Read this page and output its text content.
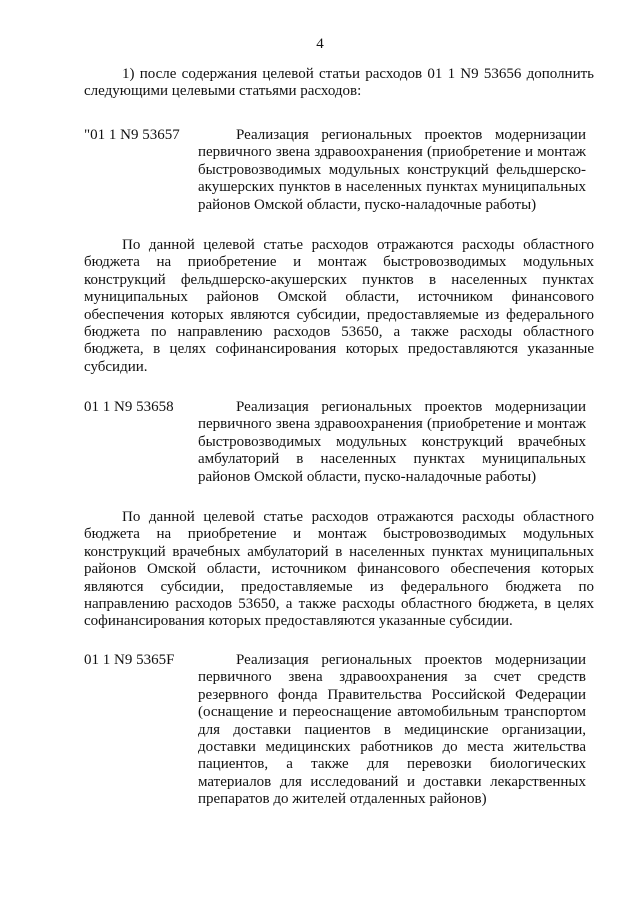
4
1) после содержания целевой статьи расходов 01 1 N9 53656 дополнить
следующими целевыми статьями расходов:
"01 1 N9 53657	Реализация региональных проектов модернизации
первичного звена здравоохранения (приобретение и монтаж
быстровозводимых модульных конструкций фельдшерско-
акушерских пунктов в населенных пунктах муниципальных
районов Омской области, пуско-наладочные работы)
По данной целевой статье расходов отражаются расходы областного
бюджета на приобретение и монтаж быстровозводимых модульных
конструкций фельдшерско-акушерских пунктов в населенных пунктах
муниципальных районов Омской области, источником финансового
обеспечения которых являются субсидии, предоставляемые из федерального
бюджета по направлению расходов 53650, а также расходы областного
бюджета, в целях софинансирования которых предоставляются указанные
субсидии.
01 1 N9 53658	Реализация региональных проектов модернизации
первичного звена здравоохранения (приобретение и монтаж
быстровозводимых модульных конструкций врачебных
амбулаторий в населенных пунктах муниципальных
районов Омской области, пуско-наладочные работы)
По данной целевой статье расходов отражаются расходы областного
бюджета на приобретение и монтаж быстровозводимых модульных
конструкций врачебных амбулаторий в населенных пунктах муниципальных
районов Омской области, источником финансового обеспечения которых
являются субсидии, предоставляемые из федерального бюджета по
направлению расходов 53650, а также расходы областного бюджета, в целях
софинансирования которых предоставляются указанные субсидии.
01 1 N9 5365F	Реализация региональных проектов модернизации
первичного звена здравоохранения за счет средств
резервного фонда Правительства Российской Федерации
(оснащение и переоснащение автомобильным транспортом
для доставки пациентов в медицинские организации,
доставки медицинских работников до места жительства
пациентов, а также для перевозки биологических
материалов для исследований и доставки лекарственных
препаратов до жителей отдаленных районов)
